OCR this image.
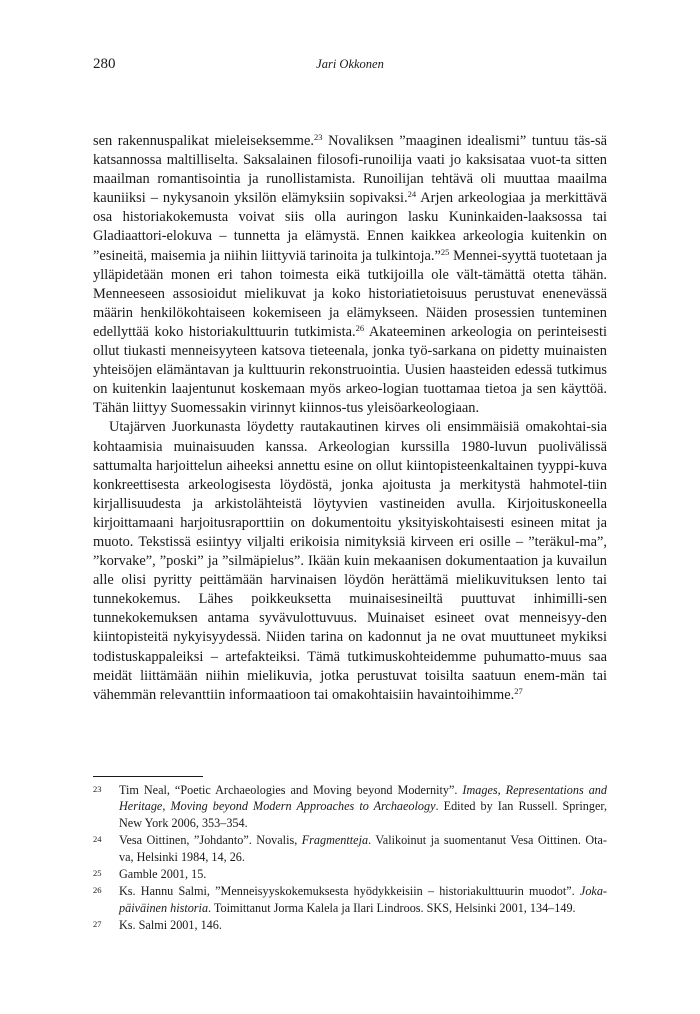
280	Jari Okkonen

sen rakennuspalikat mieleiseksemme.$^{23}$ Novaliksen ”maaginen idealismi” tuntuu täs-sä katsannossa maltilliselta. Saksalainen filosofi-runoilija vaati jo kaksisataa vuot-ta sitten maailman romantisointia ja runollistamista. Runoilijan tehtävä oli muuttaa maailma kauniiksi – nykysanoin yksilön elämyksiin sopivaksi.$^{24}$ Arjen arkeologiaa ja merkittävä osa historiakokemusta voivat siis olla auringon lasku Kuninkaiden-laaksossa tai Gladiaattori-elokuva – tunnetta ja elämystä. Ennen kaikkea arkeologia kuitenkin on ”esineitä, maisemia ja niihin liittyviä tarinoita ja tulkintoja.”$^{25}$ Mennei-syyttä tuotetaan ja ylläpidetään monen eri tahon toimesta eikä tutkijoilla ole vält-tämättä otetta tähän. Menneeseen assosioidut mielikuvat ja koko historiatietoisuus perustuvat enenevässä määrin henkilökohtaiseen kokemiseen ja elämykseen. Näiden prosessien tunteminen edellyttää koko historiakulttuurin tutkimista.$^{26}$ Akateeminen arkeologia on perinteisesti ollut tiukasti menneisyyteen katsova tieteenala, jonka työ-sarkana on pidetty muinaisten yhteisöjen elämäntavan ja kulttuurin rekonstruointia. Uusien haasteiden edessä tutkimus on kuitenkin laajentunut koskemaan myös arkeo-logian tuottamaa tietoa ja sen käyttöä. Tähän liittyy Suomessakin virinnyt kiinnos-tus yleisöarkeologiaan.

Utajärven Juorkunasta löydetty rautakautinen kirves oli ensimmäisiä omakohtai-sia kohtaamisia muinaisuuden kanssa. Arkeologian kurssilla 1980-luvun puolivälissä sattumalta harjoittelun aiheeksi annettu esine on ollut kiintopisteenkaltainen tyyppi-kuva konkreettisesta arkeologisesta löydöstä, jonka ajoitusta ja merkitystä hahmotel-tiin kirjallisuudesta ja arkistolähteistä löytyvien vastineiden avulla. Kirjoituskoneella kirjoittamaani harjoitusraporttiin on dokumentoitu yksityiskohtaisesti esineen mitat ja muoto. Tekstissä esiintyy viljalti erikoisia nimityksiä kirveen eri osille – ”teräkul-ma”, ”korvake”, ”poski” ja ”silmäpielus”. Ikään kuin mekaanisen dokumentaation ja kuvailun alle olisi pyritty peittämään harvinaisen löydön herättämä mielikuvituksen lento tai tunnekokemus. Lähes poikkeuksetta muinaisesineiltä puuttuvat inhimilli-sen tunnekokemuksen antama syvävulottuvuus. Muinaiset esineet ovat menneisyy-den kiintopisteitä nykyisyydessä. Niiden tarina on kadonnut ja ne ovat muuttuneet mykiksi todistuskappaleiksi – artefakteiksi. Tämä tutkimuskohteidemme puhumatto-muus saa meidät liittämään niihin mielikuvia, jotka perustuvat toisilta saatuun enem-män tai vähemmän relevanttiin informaatioon tai omakohtaisiin havaintoihimme.$^{27}$

23 Tim Neal, “Poetic Archaeologies and Moving beyond Modernity”. Images, Representations and Heritage, Moving beyond Modern Approaches to Archaeology. Edited by Ian Russell. Springer, New York 2006, 353–354.

24 Vesa Oittinen, ”Johdanto”. Novalis, Fragmentteja. Valikoinut ja suomentanut Vesa Oittinen. Ota-va, Helsinki 1984, 14, 26.

25 Gamble 2001, 15.

26 Ks. Hannu Salmi, ”Menneisyyskokemuksesta hyödykkeisiin – historiakulttuurin muodot”. Joka-päiväinen historia. Toimittanut Jorma Kalela ja Ilari Lindroos. SKS, Helsinki 2001, 134–149.

27 Ks. Salmi 2001, 146.
